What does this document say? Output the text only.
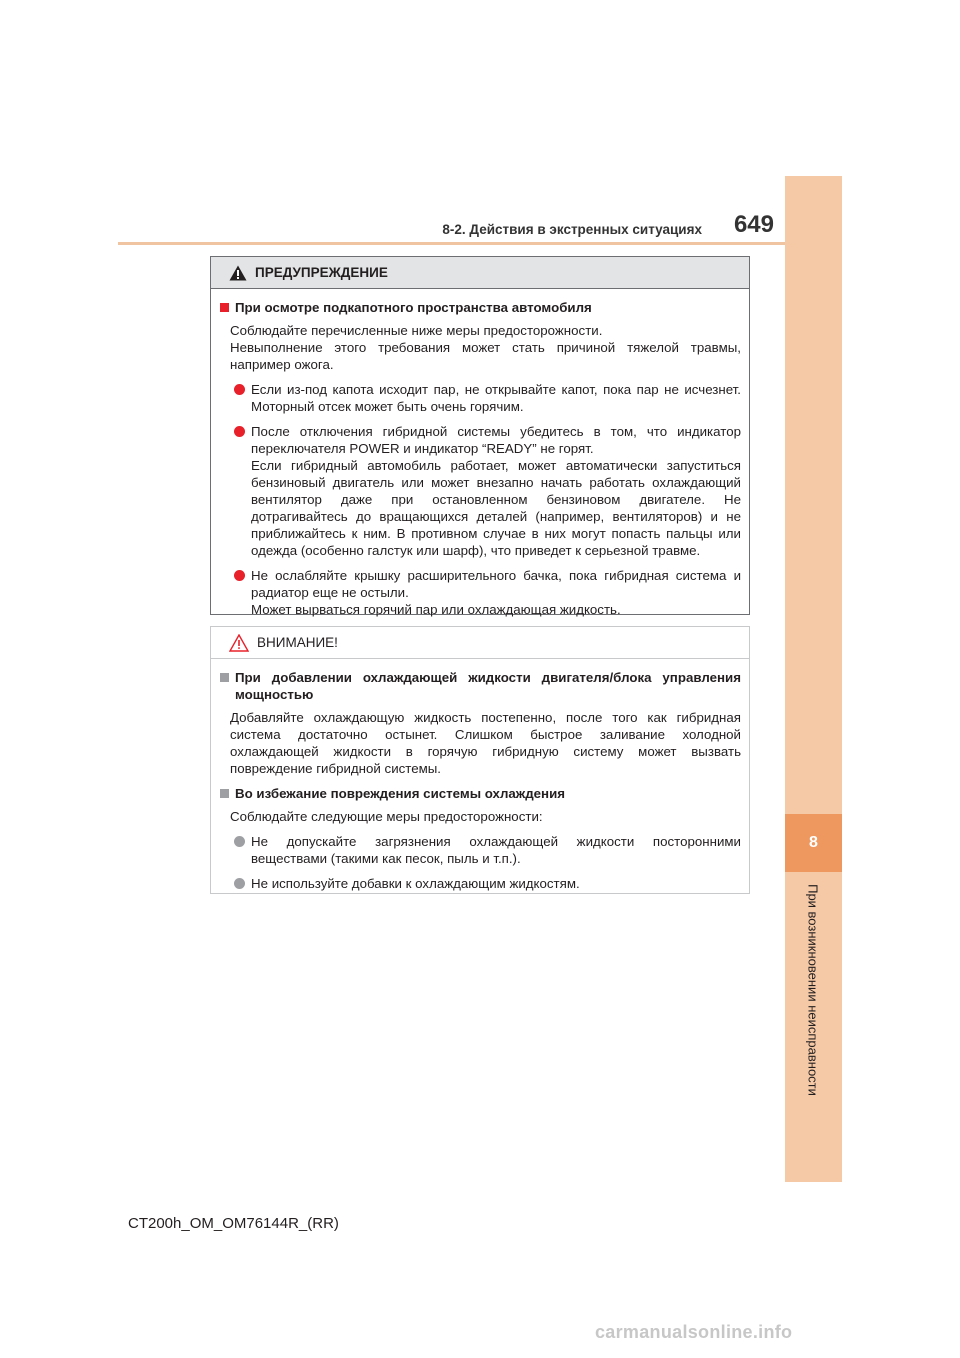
8-2. Действия в экстренных ситуациях	649
8
При возникновении неисправности
ПРЕДУПРЕЖДЕНИЕ
При осмотре подкапотного пространства автомобиля
Соблюдайте перечисленные ниже меры предосторожности.
Невыполнение этого требования может стать причиной тяжелой травмы,
например ожога.
Если из-под капота исходит пар, не открывайте капот, пока пар не исчезнет.
Моторный отсек может быть очень горячим.
После отключения гибридной системы убедитесь в том, что индикатор
переключателя POWER и индикатор “READY” не горят.
Если гибридный автомобиль работает, может автоматически запуститься
бензиновый двигатель или может внезапно начать работать охлаждающий
вентилятор даже при остановленном бензиновом двигателе. Не
дотрагивайтесь до вращающихся деталей (например, вентиляторов) и не
приближайтесь к ним. В противном случае в них могут попасть пальцы или
одежда (особенно галстук или шарф), что приведет к серьезной травме.
Не ослабляйте крышку расширительного бачка, пока гибридная система и
радиатор еще не остыли.
Может вырваться горячий пар или охлаждающая жидкость.
ВНИМАНИЕ!
При добавлении охлаждающей жидкости двигателя/блока управления
мощностью
Добавляйте охлаждающую жидкость постепенно, после того как гибридная
система достаточно остынет. Слишком быстрое заливание холодной
охлаждающей жидкости в горячую гибридную систему может вызвать
повреждение гибридной системы.
Во избежание повреждения системы охлаждения
Соблюдайте следующие меры предосторожности:
Не допускайте загрязнения охлаждающей жидкости посторонними
веществами (такими как песок, пыль и т.п.).
Не используйте добавки к охлаждающим жидкостям.
CT200h_OM_OM76144R_(RR)
carmanualsonline.info
